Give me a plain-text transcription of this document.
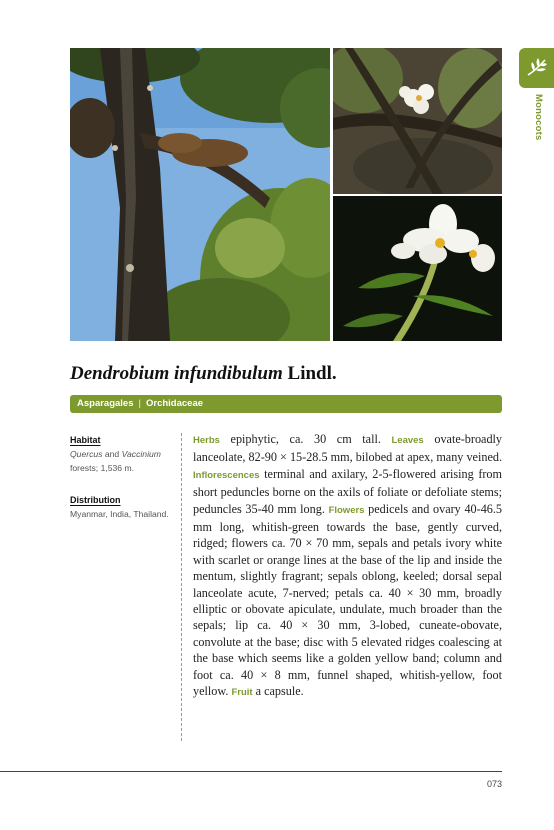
Monocots
Dendrobium infundibulum Lindl.
Asparagales | Orchidaceae
Habitat

Quercus and Vaccinium forests; 1,536 m.

Distribution

Myanmar, India, Thailand.

Herbs epiphytic, ca. 30 cm tall. Leaves ovate-broadly lanceolate, 82-90 × 15-28.5 mm, bilobed at apex, many veined. Inflorescences terminal and axilary, 2-5-flowered arising from short peduncles borne on the axils of foliate or defoliate stems; peduncles 35-40 mm long. Flowers pedicels and ovary 40-46.5 mm long, whitish-green towards the base, gently curved, ridged; flowers ca. 70 × 70 mm, sepals and petals ivory white with scarlet or orange lines at the base of the lip and inside the mentum, slightly fragrant; sepals oblong, keeled; dorsal sepal lanceolate acute, 7-nerved; petals ca. 40 × 30 mm, broadly elliptic or obovate apiculate, undulate, much broader than the sepals; lip ca. 40 × 30 mm, 3-lobed, cuneate-obovate, convolute at the base; disc with 5 elevated ridges coalescing at the base which seems like a golden yellow band; column and foot ca. 40 × 8 mm, funnel shaped, whitish-yellow, foot yellow. Fruit a capsule.
073
